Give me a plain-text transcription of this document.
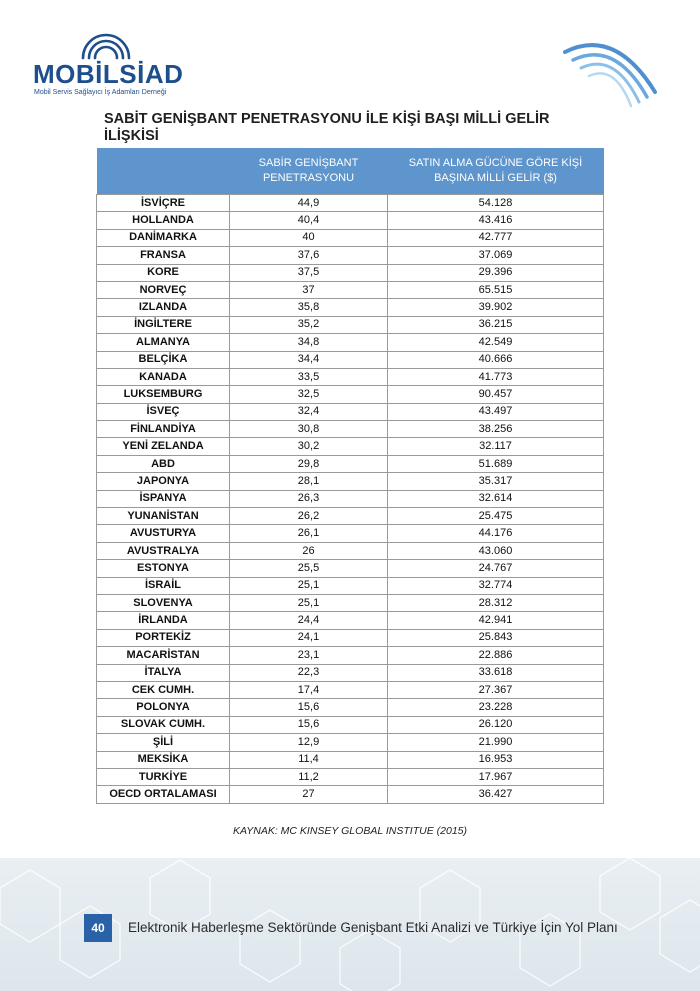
MOBİLSİAD
Mobil Servis Sağlayıcı İş Adamları Derneği
SABİT GENİŞBANT PENETRASYONU İLE KİŞİ BAŞI MİLLİ GELİR İLİŞKİSİ
	SABİR GENİŞBANT PENETRASYONU	SATIN ALMA GÜCÜNE GÖRE KİŞİ BAŞINA MİLLİ GELİR ($)
İSVİÇRE	44,9	54.128
HOLLANDA	40,4	43.416
DANİMARKA	40	42.777
FRANSA	37,6	37.069
KORE	37,5	29.396
NORVEÇ	37	65.515
IZLANDA	35,8	39.902
İNGİLTERE	35,2	36.215
ALMANYA	34,8	42.549
BELÇİKA	34,4	40.666
KANADA	33,5	41.773
LUKSEMBURG	32,5	90.457
İSVEÇ	32,4	43.497
FİNLANDİYA	30,8	38.256
YENİ ZELANDA	30,2	32.117
ABD	29,8	51.689
JAPONYA	28,1	35.317
İSPANYA	26,3	32.614
YUNANİSTAN	26,2	25.475
AVUSTURYA	26,1	44.176
AVUSTRALYA	26	43.060
ESTONYA	25,5	24.767
İSRAİL	25,1	32.774
SLOVENYA	25,1	28.312
İRLANDA	24,4	42.941
PORTEKİZ	24,1	25.843
MACARİSTAN	23,1	22.886
İTALYA	22,3	33.618
CEK CUMH.	17,4	27.367
POLONYA	15,6	23.228
SLOVAK CUMH.	15,6	26.120
ŞİLİ	12,9	21.990
MEKSİKA	11,4	16.953
TURKİYE	11,2	17.967
OECD ORTALAMASI	27	36.427
KAYNAK: MC KINSEY GLOBAL INSTITUE (2015)
40	Elektronik Haberleşme Sektöründe Genişbant Etki Analizi ve Türkiye İçin Yol Planı
